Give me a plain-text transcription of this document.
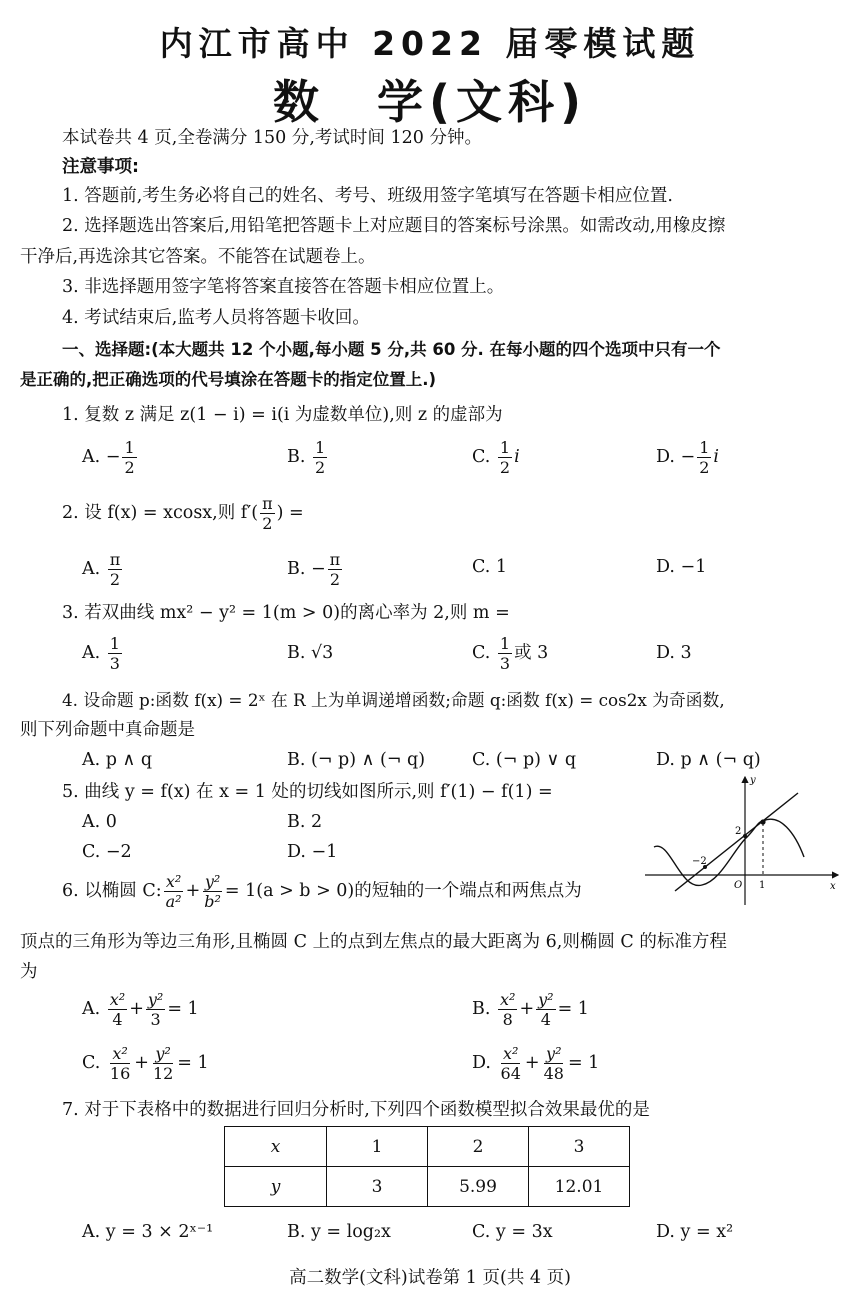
内江市高中 2022 届零模试题
数　学(文科)
本试卷共 4 页,全卷满分 150 分,考试时间 120 分钟。
注意事项:
1. 答题前,考生务必将自己的姓名、考号、班级用签字笔填写在答题卡相应位置.
2. 选择题选出答案后,用铅笔把答题卡上对应题目的答案标号涂黑。如需改动,用橡皮擦
干净后,再选涂其它答案。不能答在试题卷上。
3. 非选择题用签字笔将答案直接答在答题卡相应位置上。
4. 考试结束后,监考人员将答题卡收回。
一、选择题:(本大题共 12 个小题,每小题 5 分,共 60 分. 在每小题的四个选项中只有一个
是正确的,把正确选项的代号填涂在答题卡的指定位置上.)
1. 复数 z 满足 z(1 − i) = i(i 为虚数单位),则 z 的虚部为
A. − $\frac{1}{2}$	B. $\frac{1}{2}$	C. $\frac{1}{2}$ i	D. − $\frac{1}{2}$ i
2. 设 f(x) = xcosx,则 $f'( \frac{\pi}{2}$ ) =
A. $\frac{\pi}{2}$	B. − $\frac{\pi}{2}$	C. 1	D. −1
3. 若双曲线 mx² − y² = 1(m > 0)的离心率为 2,则 m =
A. $\frac{1}{3}$	B. √3	C. $\frac{1}{3}$ 或 3	D. 3
4. 设命题 p:函数 f(x) = 2ˣ 在 R 上为单调递增函数;命题 q:函数 f(x) = cos2x 为奇函数,
则下列命题中真命题是
A. p ∧ q	B. (¬ p) ∧ (¬ q)	C. (¬ p) ∨ q	D. p ∧ (¬ q)
5. 曲线 y = f(x) 在 x = 1 处的切线如图所示,则 f′(1) − f(1) =
A. 0	B. 2
C. −2	D. −1
y
x
O
2
−2
1
6. 以椭圆 C: $\frac{\text{x²}}{\text{a²}} + \frac{\text{y²}}{\text{b²}} = 1(a > b > 0)$的短轴的一个端点和两焦点为
顶点的三角形为等边三角形,且椭圆 C 上的点到左焦点的最大距离为 6,则椭圆 C 的标准方程
为
A. $\frac{\text{x²}}{4} + \frac{\text{y²}}{3} = 1$	B. $\frac{\text{x²}}{8} + \frac{\text{y²}}{4} = 1$
C. $\frac{\text{x²}}{16} + \frac{\text{y²}}{12} = 1$	D. $\frac{\text{x²}}{64} + \frac{\text{y²}}{48} = 1$
7. 对于下表格中的数据进行回归分析时,下列四个函数模型拟合效果最优的是
x	1	2	3
y	3	5.99	12.01
A. y = 3 × 2ˣ⁻¹	B. y = log₂x	C. y = 3x	D. y = x²
高二数学(文科)试卷第 1 页(共 4 页)
